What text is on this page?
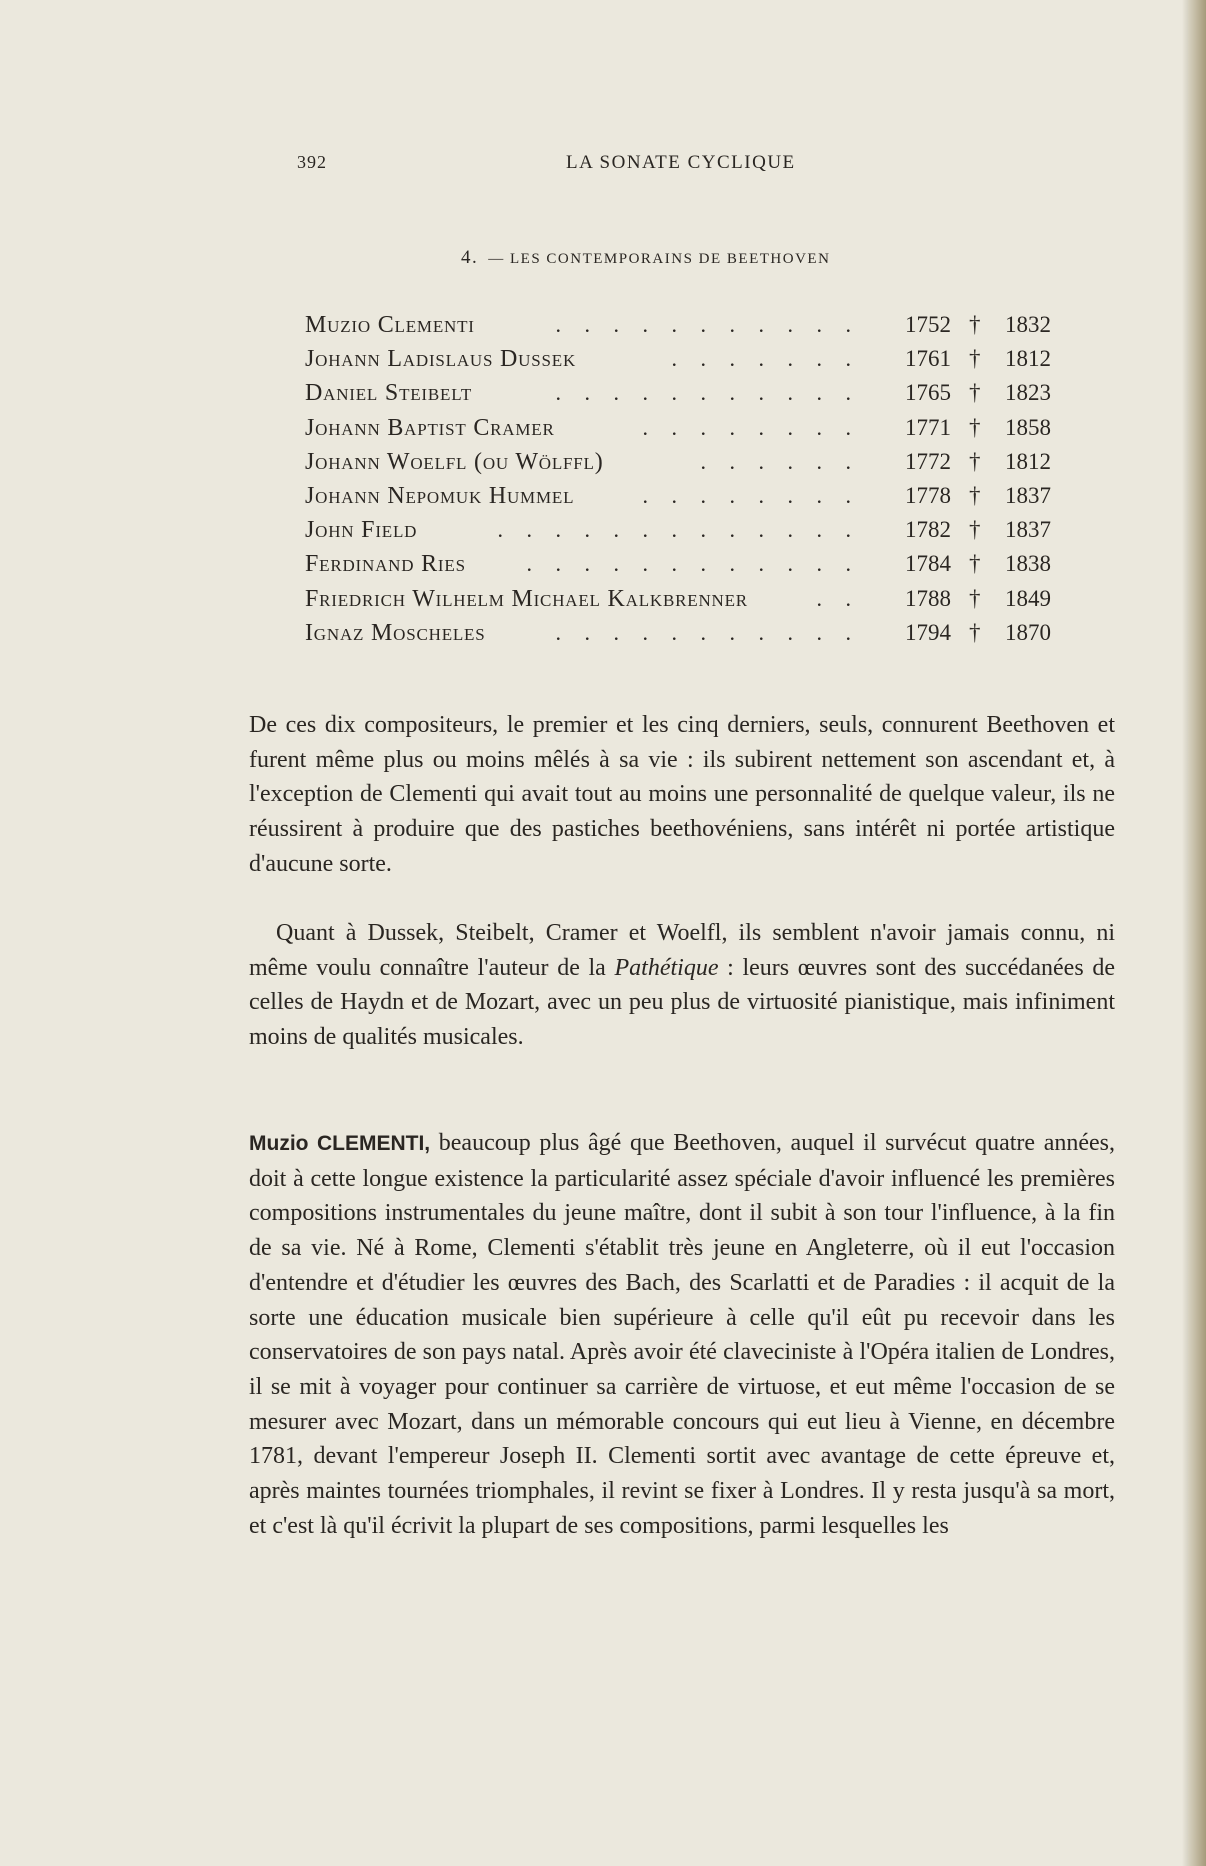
392	LA SONATE CYCLIQUE
4. — LES CONTEMPORAINS DE BEETHOVEN
. . . . . . . . . . .
Muzio Clementi	1752 † 1832
. . . . . . .
Johann Ladislaus Dussek	1761 † 1812
. . . . . . . . . . .
Daniel Steibelt	1765 † 1823
. . . . . . . .
Johann Baptist Cramer	1771 † 1858
. . . . . .
Johann Woelfl (ou Wölffl)	1772 † 1812
. . . . . . . .
Johann Nepomuk Hummel	1778 † 1837
. . . . . . . . . . . . .
John Field	1782 † 1837
. . . . . . . . . . . .
Ferdinand Ries	1784 † 1838
. .
Friedrich Wilhelm Michael Kalkbrenner	1788 † 1849
. . . . . . . . . . .
Ignaz Moscheles	1794 † 1870

De ces dix compositeurs, le premier et les cinq derniers, seuls, connurent Beethoven et furent même plus ou moins mêlés à sa vie : ils subirent nettement son ascendant et, à l'exception de Clementi qui avait tout au moins une personnalité de quelque valeur, ils ne réussirent à produire que des pastiches beethovéniens, sans intérêt ni portée artistique d'aucune sorte.

Quant à Dussek, Steibelt, Cramer et Woelfl, ils semblent n'avoir jamais connu, ni même voulu connaître l'auteur de la Pathétique : leurs œuvres sont des succédanées de celles de Haydn et de Mozart, avec un peu plus de virtuosité pianistique, mais infiniment moins de qualités musicales.

Muzio CLEMENTI, beaucoup plus âgé que Beethoven, auquel il survécut quatre années, doit à cette longue existence la particularité assez spéciale d'avoir influencé les premières compositions instrumentales du jeune maître, dont il subit à son tour l'influence, à la fin de sa vie. Né à Rome, Clementi s'établit très jeune en Angleterre, où il eut l'occasion d'entendre et d'étudier les œuvres des Bach, des Scarlatti et de Paradies : il acquit de la sorte une éducation musicale bien supérieure à celle qu'il eût pu recevoir dans les conservatoires de son pays natal. Après avoir été claveciniste à l'Opéra italien de Londres, il se mit à voyager pour continuer sa carrière de virtuose, et eut même l'occasion de se mesurer avec Mozart, dans un mémorable concours qui eut lieu à Vienne, en décembre 1781, devant l'empereur Joseph II. Clementi sortit avec avantage de cette épreuve et, après maintes tournées triomphales, il revint se fixer à Londres. Il y resta jusqu'à sa mort, et c'est là qu'il écrivit la plupart de ses compositions, parmi lesquelles les
